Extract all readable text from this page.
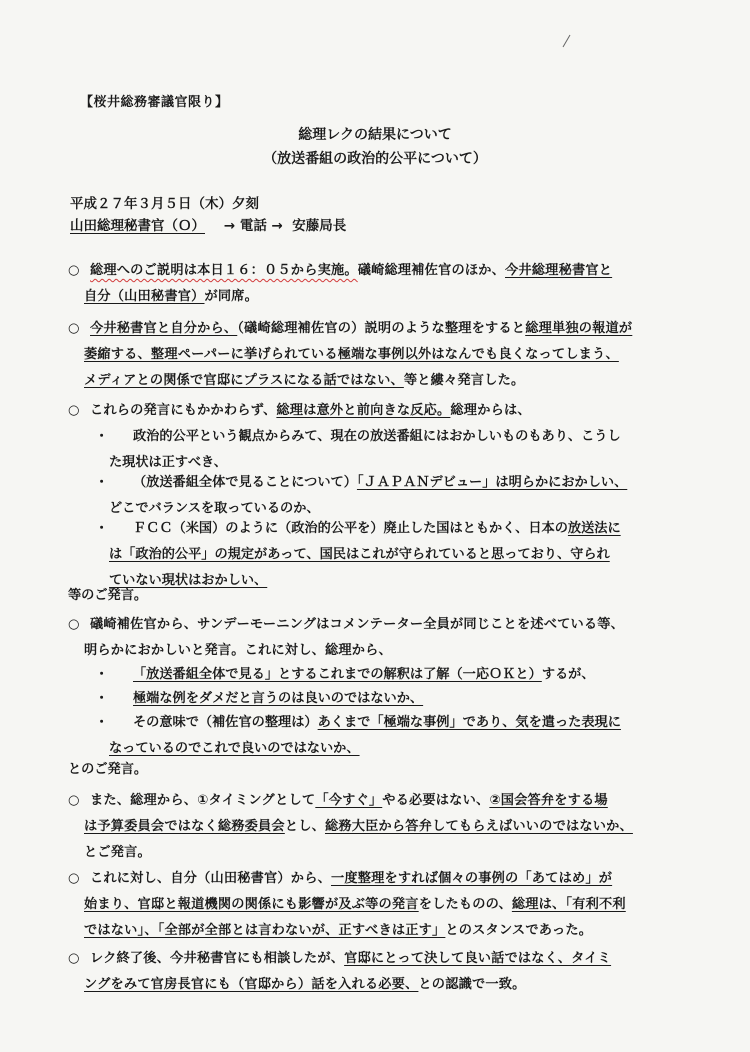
【桜井総務審議官限り】
総理レクの結果について
（放送番組の政治的公平について）
平成２７年３月５日（木）夕刻
山田総理秘書官（Ｏ） → 電話 → 安藤局長
○ 総理へのご説明は本日１６：０５から実施。礒崎総理補佐官のほか、今井総理秘書官と
自分（山田秘書官）が同席。
○ 今井秘書官と自分から、（礒崎総理補佐官の）説明のような整理をすると総理単独の報道が
萎縮する、整理ペーパーに挙げられている極端な事例以外はなんでも良くなってしまう、
メディアとの関係で官邸にプラスになる話ではない、等と縷々発言した。
○ これらの発言にもかかわらず、総理は意外と前向きな反応。総理からは、
・	政治的公平という観点からみて、現在の放送番組にはおかしいものもあり、こうし
た現状は正すべき、
・	（放送番組全体で見ることについて）「ＪＡＰＡＮデビュー」は明らかにおかしい、
どこでバランスを取っているのか、
・	ＦＣＣ（米国）のように（政治的公平を）廃止した国はともかく、日本の放送法に
は「政治的公平」の規定があって、国民はこれが守られていると思っており、守られ
ていない現状はおかしい、
等のご発言。
○ 礒崎補佐官から、サンデーモーニングはコメンテーター全員が同じことを述べている等、
明らかにおかしいと発言。これに対し、総理から、
・	「放送番組全体で見る」とするこれまでの解釈は了解（一応ＯＫと）するが、
・	極端な例をダメだと言うのは良いのではないか、
・	その意味で（補佐官の整理は）あくまで「極端な事例」であり、気を遣った表現に
なっているのでこれで良いのではないか、
とのご発言。
○ また、総理から、①タイミングとして「今すぐ」やる必要はない、②国会答弁をする場
は予算委員会ではなく総務委員会とし、総務大臣から答弁してもらえばいいのではないか、
とご発言。
○ これに対し、自分（山田秘書官）から、一度整理をすれば個々の事例の「あてはめ」が
始まり、官邸と報道機関の関係にも影響が及ぶ等の発言をしたものの、総理は、「有利不利
ではない」、「全部が全部とは言わないが、正すべきは正す」とのスタンスであった。
○ レク終了後、今井秘書官にも相談したが、官邸にとって決して良い話ではなく、タイミ
ングをみて官房長官にも（官邸から）話を入れる必要、との認識で一致。
